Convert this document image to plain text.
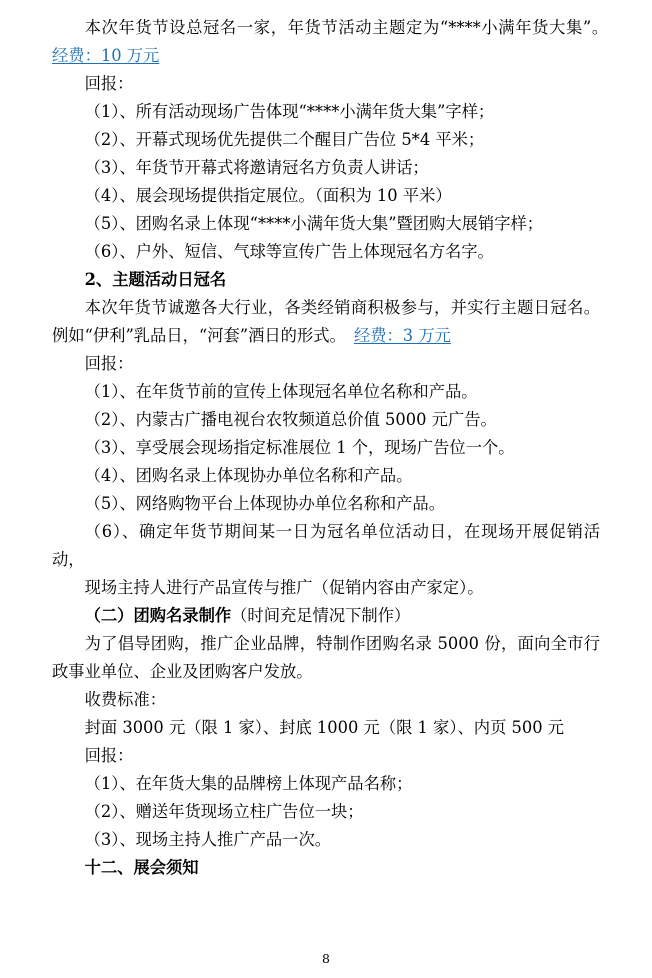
本次年货节设总冠名一家，年货节活动主题定为“****小满年货大集”。　经费：10 万元

回报：

（1）、所有活动现场广告体现“****小满年货大集”字样；

（2）、开幕式现场优先提供二个醒目广告位 5*4 平米；

（3）、年货节开幕式将邀请冠名方负责人讲话；

（4）、展会现场提供指定展位。（面积为 10 平米）

（5）、团购名录上体现“****小满年货大集”暨团购大展销字样；

（6）、户外、短信、气球等宣传广告上体现冠名方名字。

2、主题活动日冠名

本次年货节诚邀各大行业，各类经销商积极参与，并实行主题日冠名。例如“伊利”乳品日，“河套”酒日的形式。　经费：3 万元

回报：

（1）、在年货节前的宣传上体现冠名单位名称和产品。

（2）、内蒙古广播电视台农牧频道总价值 5000 元广告。

（3）、享受展会现场指定标准展位 1 个，现场广告位一个。

（4）、团购名录上体现协办单位名称和产品。

（5）、网络购物平台上体现协办单位名称和产品。

（6）、确定年货节期间某一日为冠名单位活动日，在现场开展促销活动，

现场主持人进行产品宣传与推广（促销内容由产家定）。

（二）团购名录制作（时间充足情况下制作）

为了倡导团购，推广企业品牌，特制作团购名录 5000 份，面向全市行政事业单位、企业及团购客户发放。

收费标准：

封面 3000 元（限 1 家）、封底 1000 元（限 1 家）、内页 500 元

回报：

（1）、在年货大集的品牌榜上体现产品名称；

（2）、赠送年货现场立柱广告位一块；

（3）、现场主持人推广产品一次。

十二、展会须知

8
